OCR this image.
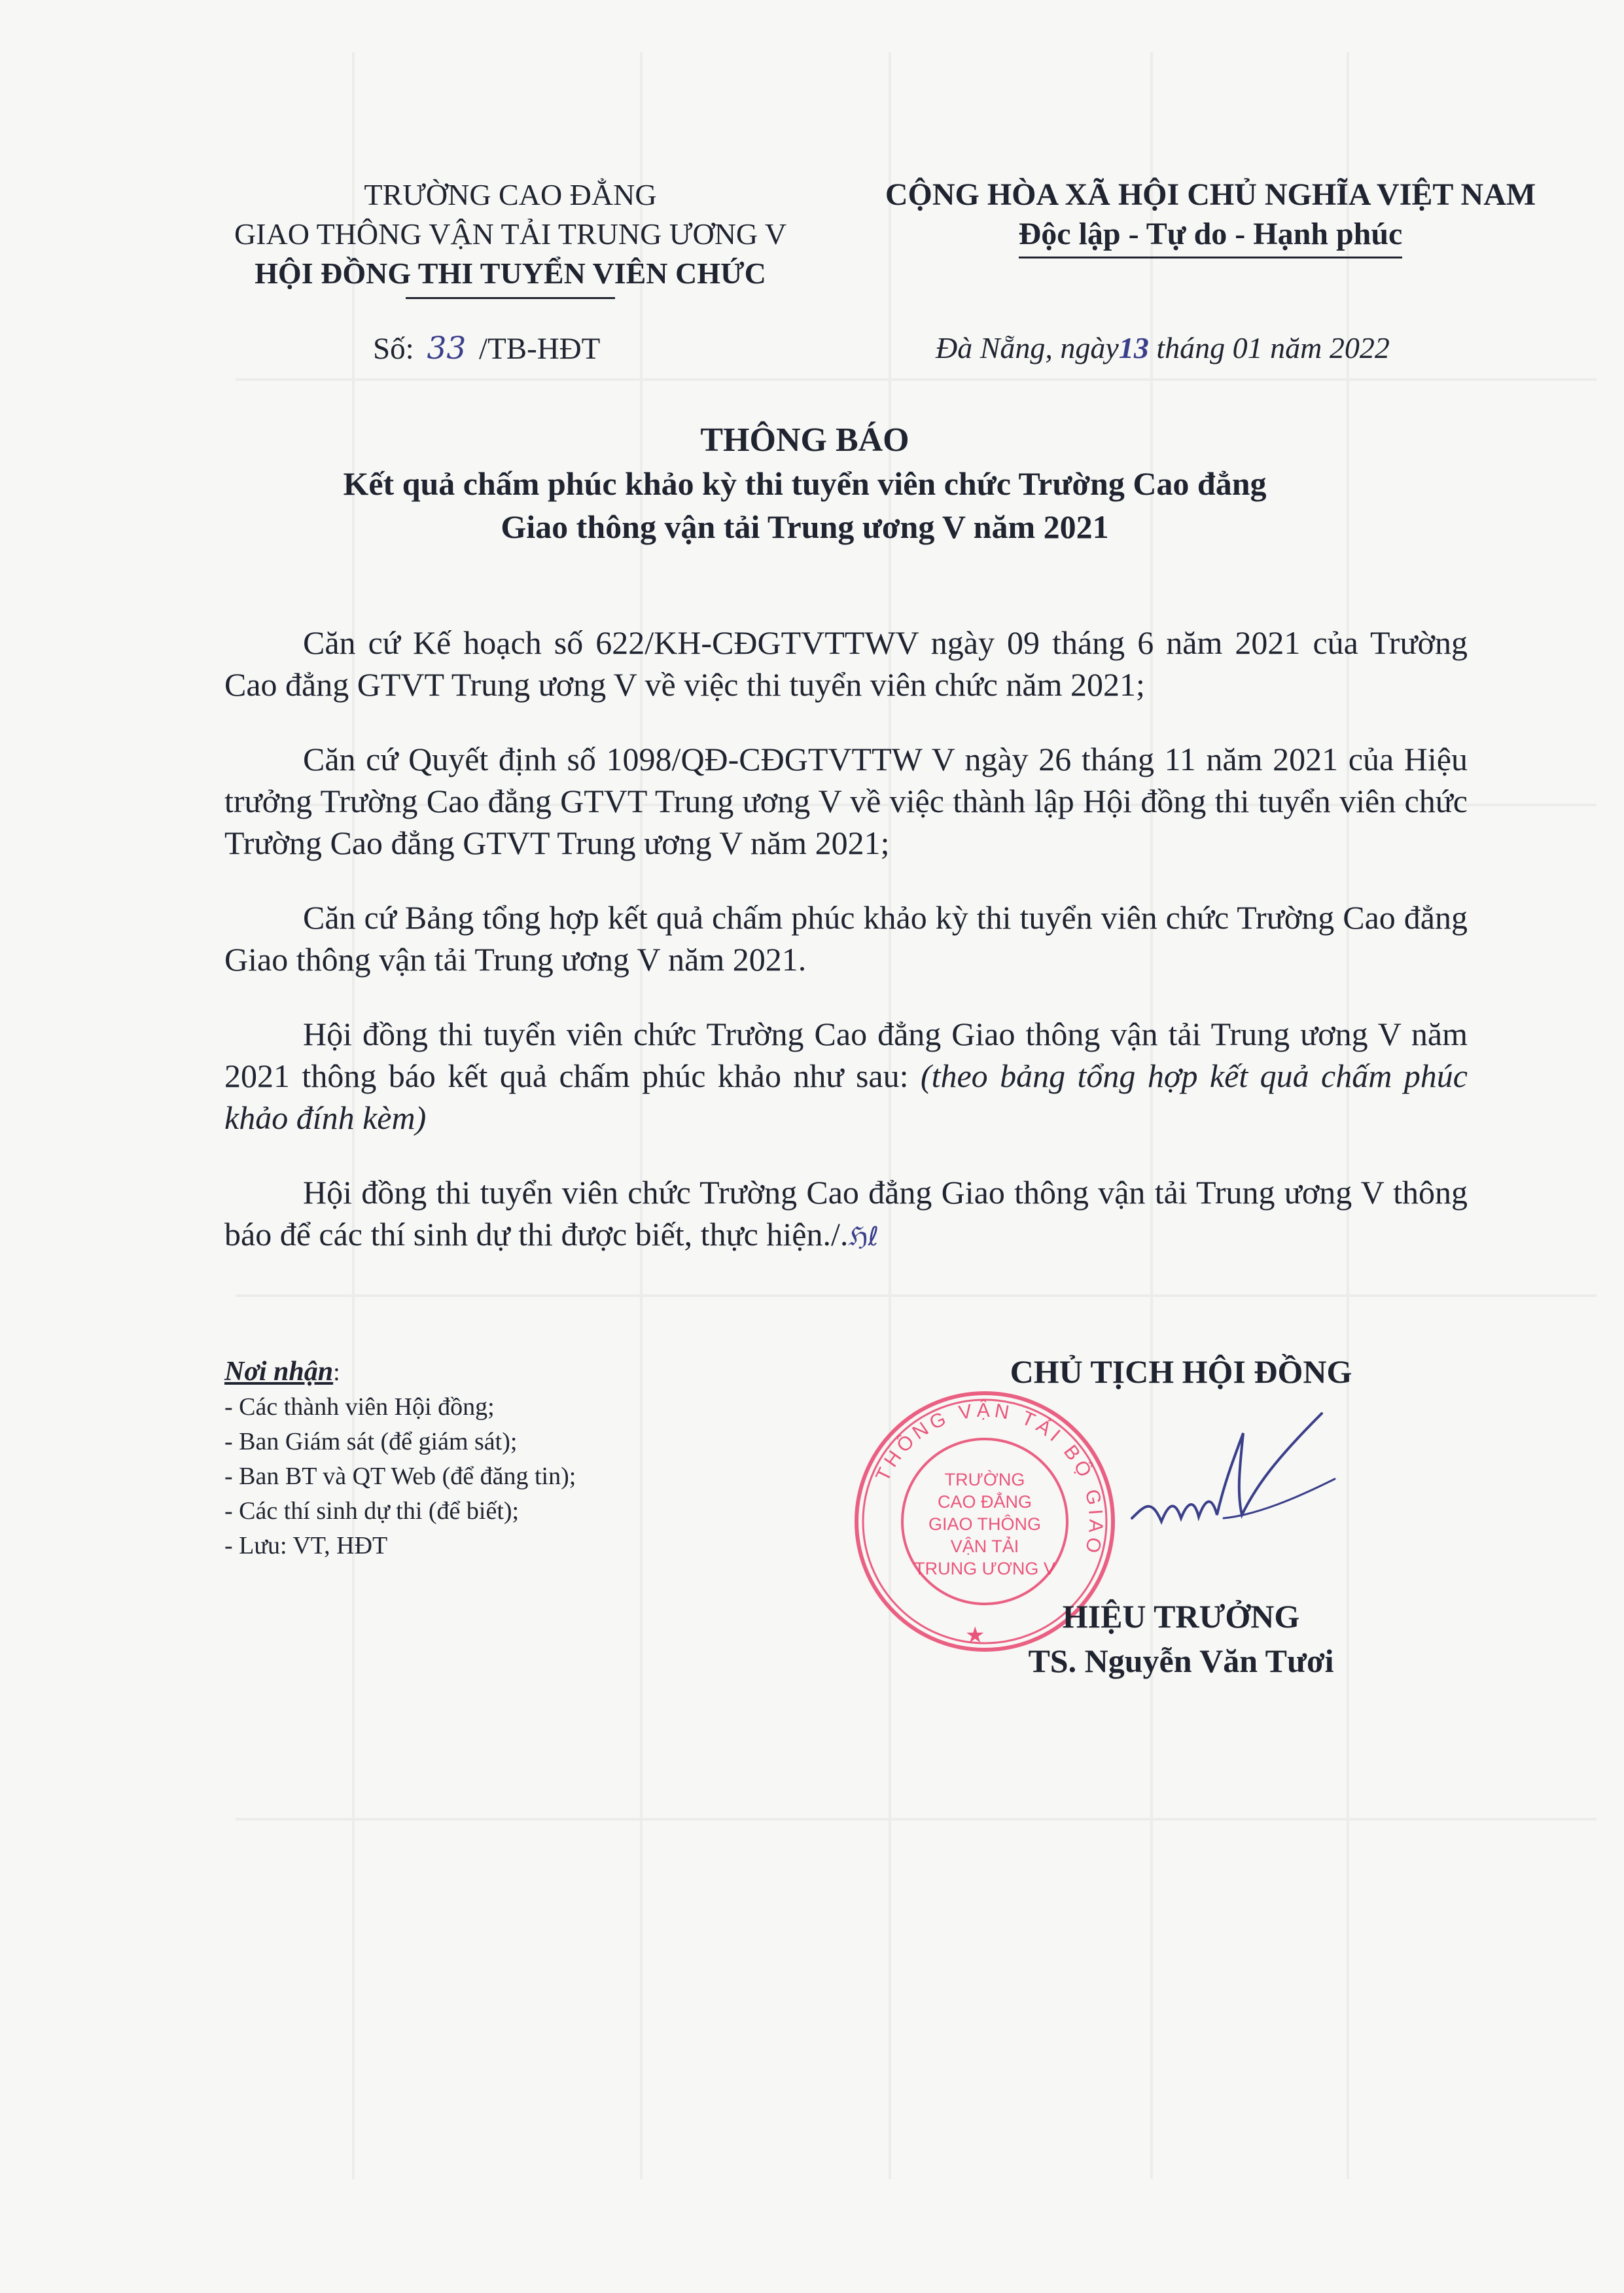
TRƯỜNG CAO ĐẲNG
GIAO THÔNG VẬN TẢI TRUNG ƯƠNG V
HỘI ĐỒNG THI TUYỂN VIÊN CHỨC
CỘNG HÒA XÃ HỘI CHỦ NGHĨA VIỆT NAM
Độc lập - Tự do - Hạnh phúc
Số: 33 /TB-HĐT	Đà Nẵng, ngày13 tháng 01 năm 2022
THÔNG BÁO
Kết quả chấm phúc khảo kỳ thi tuyển viên chức Trường Cao đẳng
Giao thông vận tải Trung ương V năm 2021

Căn cứ Kế hoạch số 622/KH-CĐGTVTTWV ngày 09 tháng 6 năm 2021 của Trường Cao đẳng GTVT Trung ương V về việc thi tuyển viên chức năm 2021;

Căn cứ Quyết định số 1098/QĐ-CĐGTVTTW V ngày 26 tháng 11 năm 2021 của Hiệu trưởng Trường Cao đẳng GTVT Trung ương V về việc thành lập Hội đồng thi tuyển viên chức Trường Cao đẳng GTVT Trung ương V năm 2021;

Căn cứ Bảng tổng hợp kết quả chấm phúc khảo kỳ thi tuyển viên chức Trường Cao đẳng Giao thông vận tải Trung ương V năm 2021.

Hội đồng thi tuyển viên chức Trường Cao đẳng Giao thông vận tải Trung ương V năm 2021 thông báo kết quả chấm phúc khảo như sau: (theo bảng tổng hợp kết quả chấm phúc khảo đính kèm)

Hội đồng thi tuyển viên chức Trường Cao đẳng Giao thông vận tải Trung ương V thông báo để các thí sinh dự thi được biết, thực hiện./.ℌℓ

Nơi nhận:
- Các thành viên Hội đồng;
- Ban Giám sát (để giám sát);
- Ban BT và QT Web (để đăng tin);
- Các thí sinh dự thi (để biết);
- Lưu: VT, HĐT
THÔNG VẬN TẢI BỘ GIAO
TRƯỜNG
CAO ĐẲNG
GIAO THÔNG
VẬN TẢI
TRUNG ƯƠNG V
★
CHỦ TỊCH HỘI ĐỒNG
HIỆU TRƯỞNG
TS. Nguyễn Văn Tươi
